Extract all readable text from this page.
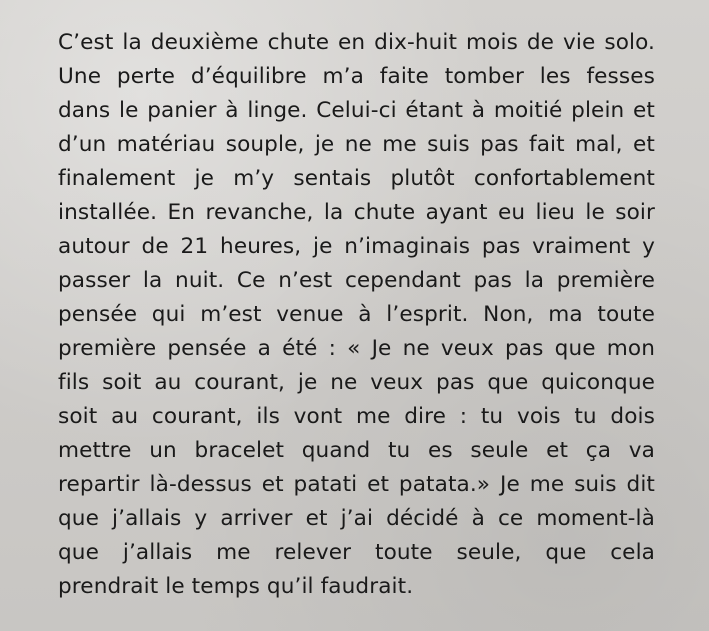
C’est la deuxième chute en dix-huit mois de vie solo.
Une perte d’équilibre m’a faite tomber les fesses
dans le panier à linge. Celui-ci étant à moitié plein et
d’un matériau souple, je ne me suis pas fait mal, et
finalement je m’y sentais plutôt confortablement
installée. En revanche, la chute ayant eu lieu le soir
autour de 21 heures, je n’imaginais pas vraiment y
passer la nuit. Ce n’est cependant pas la première
pensée qui m’est venue à l’esprit. Non, ma toute
première pensée a été : « Je ne veux pas que mon
fils soit au courant, je ne veux pas que quiconque
soit au courant, ils vont me dire : tu vois tu dois
mettre un bracelet quand tu es seule et ça va
repartir là-dessus et patati et patata.» Je me suis dit
que j’allais y arriver et j’ai décidé à ce moment-là
que j’allais me relever toute seule, que cela
prendrait le temps qu’il faudrait.
